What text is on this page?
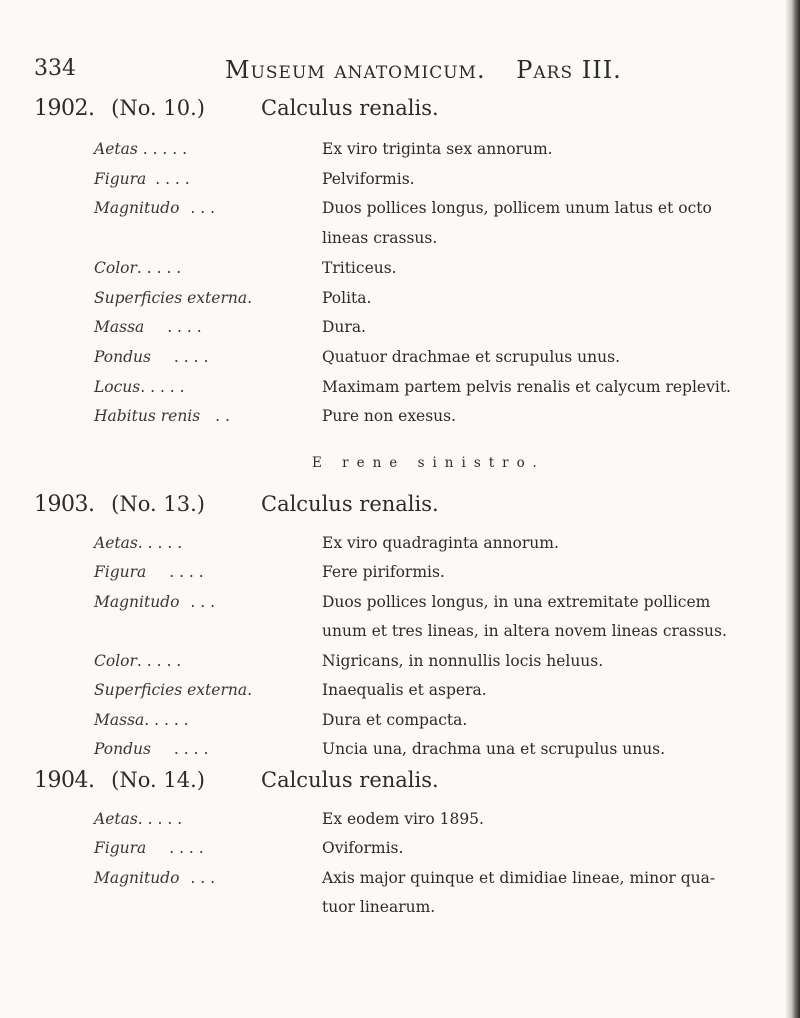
334	Museum anatomicum. Pars III.
1902. (No. 10.)	Calculus renalis.
Aetas . . . . .	Ex viro triginta sex annorum.
Figura . . . .	Pelviformis.
Magnitudo . . .	Duos pollices longus, pollicem unum latus et octo
lineas crassus.
Color. . . . .	Triticeus.
Superficies externa.	Polita.
Massa . . . .	Dura.
Pondus . . . .	Quatuor drachmae et scrupulus unus.
Locus. . . . .	Maximam partem pelvis renalis et calycum replevit.
Habitus renis . .	Pure non exesus.
E rene sinistro.
1903. (No. 13.)	Calculus renalis.
Aetas. . . . .	Ex viro quadraginta annorum.
Figura . . . .	Fere piriformis.
Magnitudo . . .	Duos pollices longus, in una extremitate pollicem
unum et tres lineas, in altera novem lineas crassus.
Color. . . . .	Nigricans, in nonnullis locis heluus.
Superficies externa.	Inaequalis et aspera.
Massa. . . . .	Dura et compacta.
Pondus . . . .	Uncia una, drachma una et scrupulus unus.
1904. (No. 14.)	Calculus renalis.
Aetas. . . . .	Ex eodem viro 1895.
Figura . . . .	Oviformis.
Magnitudo . . .	Axis major quinque et dimidiae lineae, minor qua-
tuor linearum.
